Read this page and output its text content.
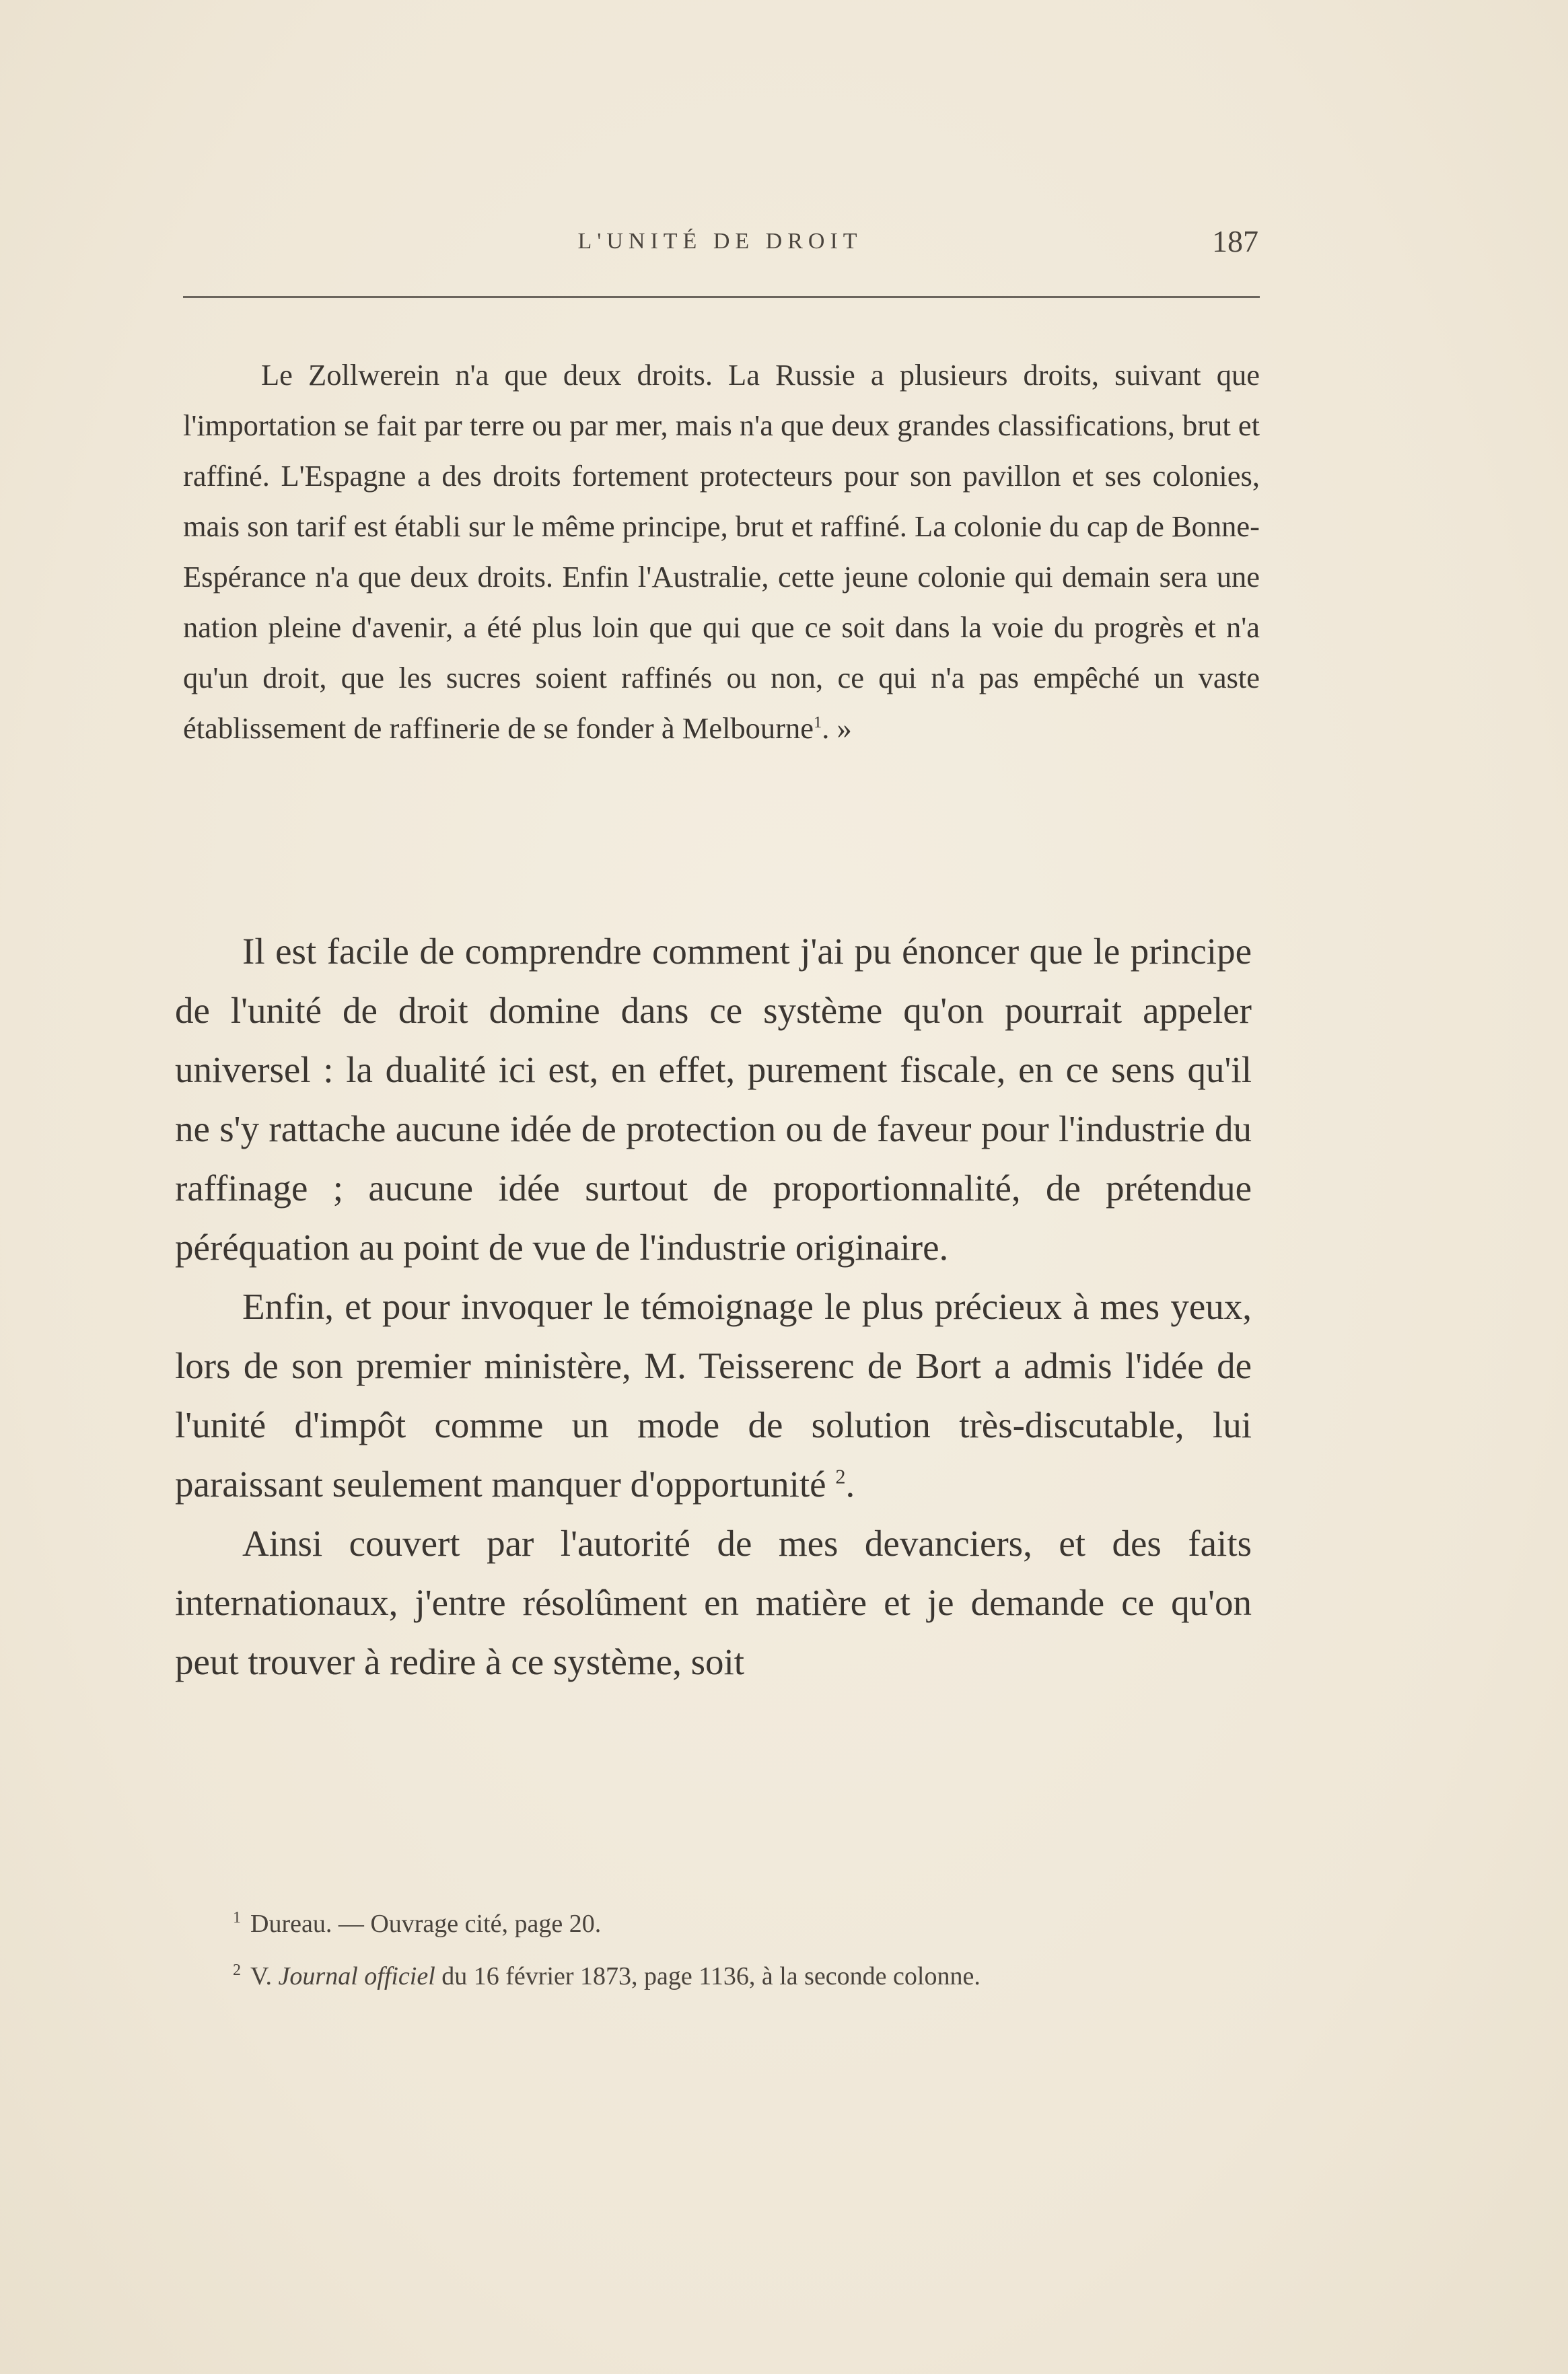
L'UNITÉ DE DROIT	187

Le Zollwerein n'a que deux droits. La Russie a plusieurs droits, suivant que l'importation se fait par terre ou par mer, mais n'a que deux grandes classifications, brut et raffiné. L'Espagne a des droits fortement protecteurs pour son pavillon et ses colonies, mais son tarif est établi sur le même principe, brut et raffiné. La colonie du cap de Bonne-Espérance n'a que deux droits. Enfin l'Australie, cette jeune colonie qui demain sera une nation pleine d'avenir, a été plus loin que qui que ce soit dans la voie du progrès et n'a qu'un droit, que les sucres soient raffinés ou non, ce qui n'a pas empêché un vaste établissement de raffinerie de se fonder à Melbourne$^1$. »

Il est facile de comprendre comment j'ai pu énoncer que le principe de l'unité de droit domine dans ce système qu'on pourrait appeler universel : la dualité ici est, en effet, purement fiscale, en ce sens qu'il ne s'y rattache aucune idée de protection ou de faveur pour l'industrie du raffinage ; aucune idée surtout de proportionnalité, de prétendue péréquation au point de vue de l'industrie originaire.

Enfin, et pour invoquer le témoignage le plus précieux à mes yeux, lors de son premier ministère, M. Teisserenc de Bort a admis l'idée de l'unité d'impôt comme un mode de solution très-discutable, lui paraissant seulement manquer d'opportunité $^2$.

Ainsi couvert par l'autorité de mes devanciers, et des faits internationaux, j'entre résolûment en matière et je demande ce qu'on peut trouver à redire à ce système, soit

$^1$ Dureau. — Ouvrage cité, page 20.
$^2$ V. Journal officiel du 16 février 1873, page 1136, à la seconde colonne.
